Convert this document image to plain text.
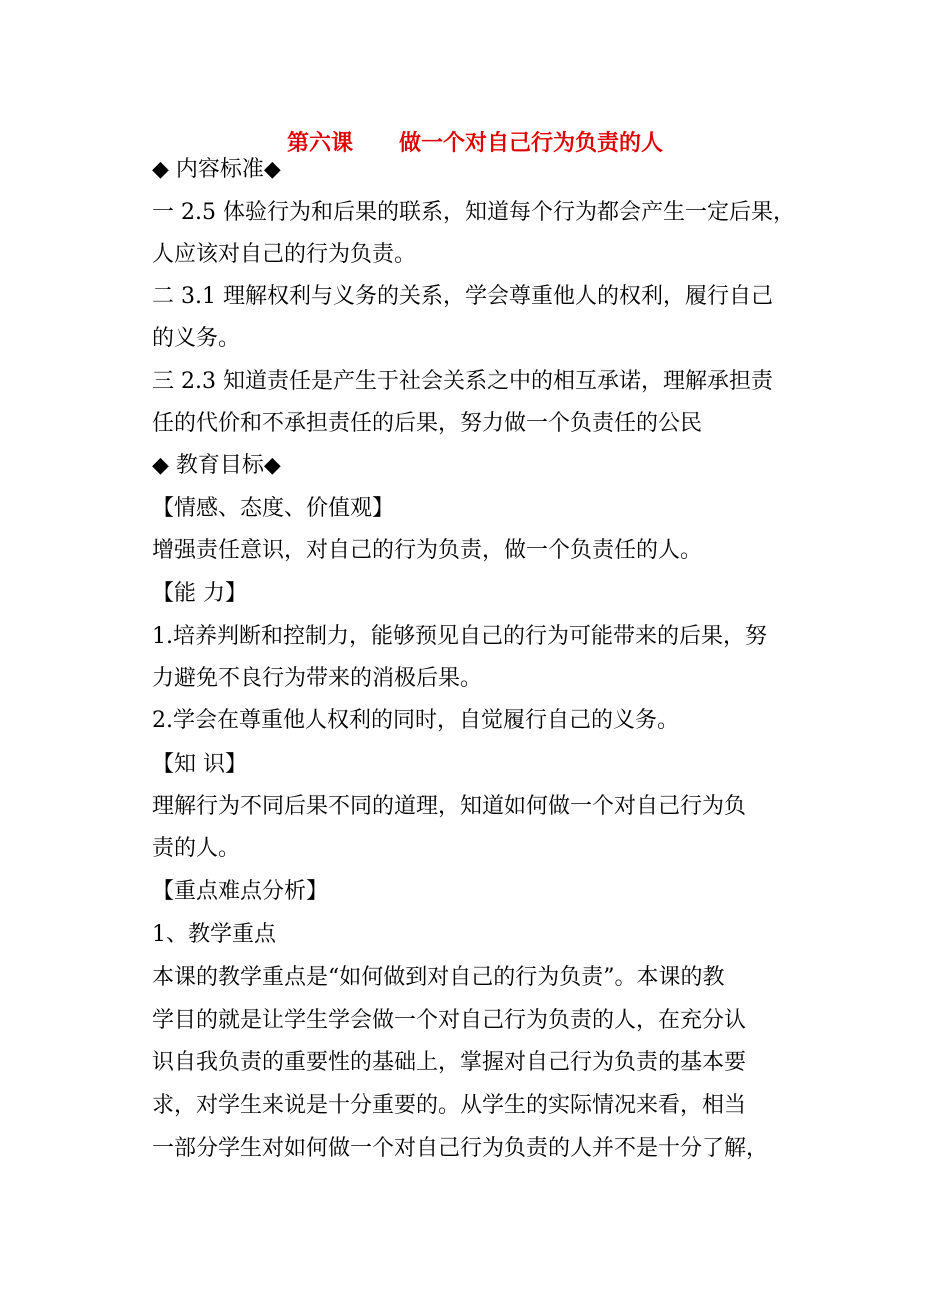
第六课      做一个对自己行为负责的人
◆ 内容标准◆
一 2.5 体验行为和后果的联系，知道每个行为都会产生一定后果，
人应该对自己的行为负责。
二 3.1 理解权利与义务的关系，学会尊重他人的权利，履行自己
的义务。
三 2.3 知道责任是产生于社会关系之中的相互承诺，理解承担责
任的代价和不承担责任的后果，努力做一个负责任的公民
◆ 教育目标◆
【情感、态度、价值观】
增强责任意识，对自己的行为负责，做一个负责任的人。
【能 力】
1.培养判断和控制力，能够预见自己的行为可能带来的后果，努
力避免不良行为带来的消极后果。
2.学会在尊重他人权利的同时，自觉履行自己的义务。
【知 识】
理解行为不同后果不同的道理，知道如何做一个对自己行为负
责的人。
【重点难点分析】
1、教学重点
本课的教学重点是“如何做到对自己的行为负责”。本课的教
学目的就是让学生学会做一个对自己行为负责的人，在充分认
识自我负责的重要性的基础上，掌握对自己行为负责的基本要
求，对学生来说是十分重要的。从学生的实际情况来看，相当
一部分学生对如何做一个对自己行为负责的人并不是十分了解，
